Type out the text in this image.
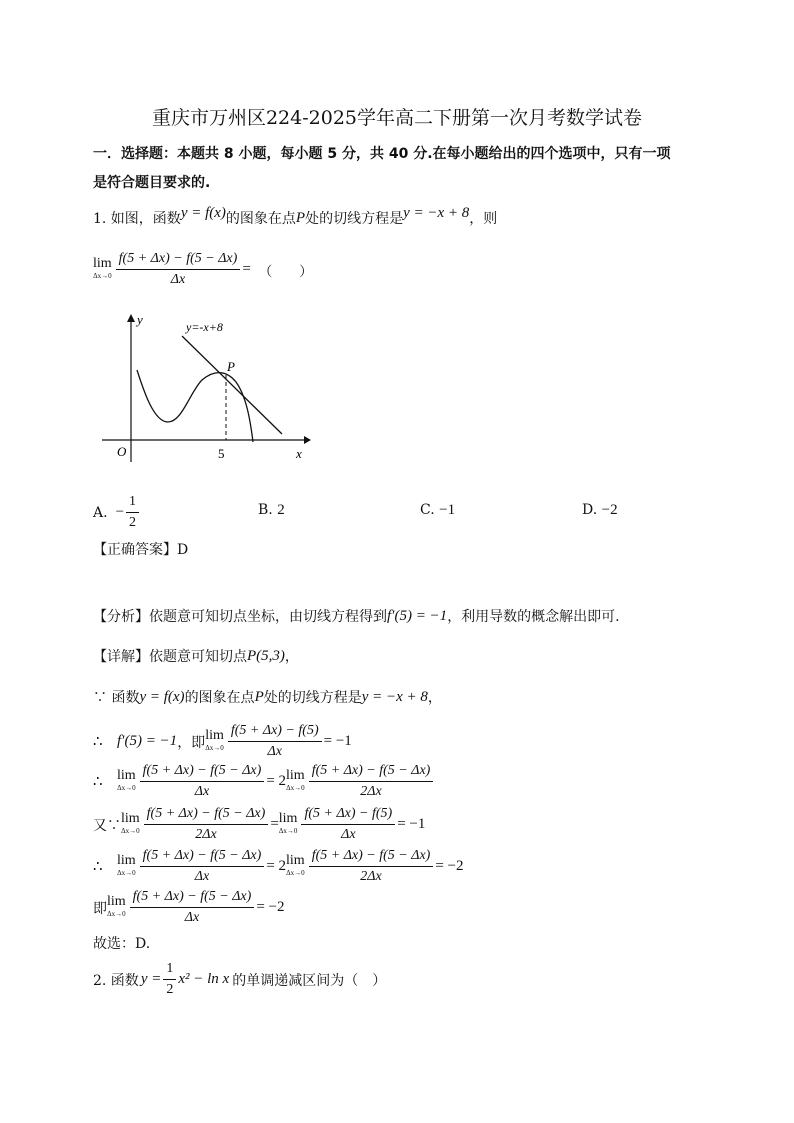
重庆市万州区224-2025学年高二下册第一次月考数学试卷
一．选择题：本题共 8 小题，每小题 5 分，共 40 分.在每小题给出的四个选项中，只有一项
是符合题目要求的.
1. 如图，函数 y = f(x) 的图象在点 P 处的切线方程是 y = −x + 8 ，则
lim
$\Delta x\to 0 \frac{f(5 + \Delta x) - f(5 - \Delta x)}{\Delta x}$ = （　　）
y=-x+8
P
O	5	x
y
A. − $\frac{1}{2}$	B. 2	C. −1	D. −2
【正确答案】D
【分析】依题意可知切点坐标，由切线方程得到 f′(5) = −1 ，利用导数的概念解出即可.
【详解】依题意可知切点 P(5,3) ，
∵ 函数 y = f(x) 的图象在点 P 处的切线方程是 y = −x + 8 ，
∴ f′(5) = −1 ，即 lim
$\Delta x\to 0 \frac{f(5 + \Delta x) - f(5)}{\Delta x} = -1$
∴	lim
$\Delta x\to 0 \frac{f(5 + \Delta x) - f(5 - \Delta x)}{\Delta x} = 2$ lim
$\Delta x\to 0 \frac{f(5 + \Delta x) - f(5 - \Delta x)}{2\Delta x}$
又∵ lim
$\Delta x\to 0 \frac{f(5 + \Delta x) - f(5 - \Delta x)}{2\Delta x} = \lim$
$\Delta x\to 0 \frac{f(5 + \Delta x) - f(5)}{\Delta x} = -1$
∴	lim
$\Delta x\to 0 \frac{f(5 + \Delta x) - f(5 - \Delta x)}{\Delta x} = 2$ lim
$\Delta x\to 0 \frac{f(5 + \Delta x) - f(5 - \Delta x)}{2\Delta x} = -2$
即 lim
$\Delta x\to 0 \frac{f(5 + \Delta x) - f(5 - \Delta x)}{\Delta x} = -2$
故选：D.
2. 函数 $y = \frac{1}{2} x^2 - \ln x$ 的单调递减区间为（　）
